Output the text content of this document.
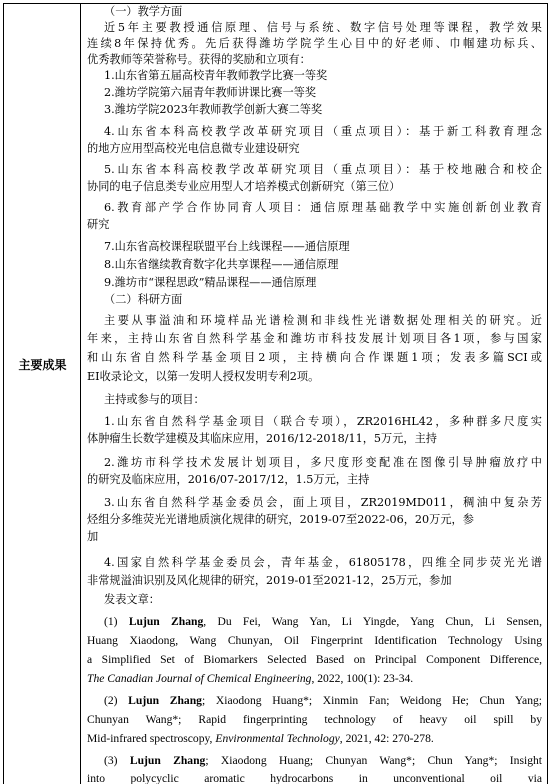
主要成果
（一）教学方面
近5年主要教授通信原理、信号与系统、数字信号处理等课程，教学效果
连续8年保持优秀。先后获得潍坊学院学生心目中的好老师、巾帼建功标兵、
优秀教师等荣誉称号。获得的奖励和立项有：
1.山东省第五届高校青年教师教学比赛一等奖
2.潍坊学院第六届青年教师讲课比赛一等奖
3.潍坊学院2023年教师教学创新大赛二等奖
4.山东省本科高校教学改革研究项目（重点项目）：基于新工科教育理念
的地方应用型高校光电信息微专业建设研究
5.山东省本科高校教学改革研究项目（重点项目）：基于校地融合和校企
协同的电子信息类专业应用型人才培养模式创新研究（第三位）
6.教育部产学合作协同育人项目：通信原理基础教学中实施创新创业教育
研究
7.山东省高校课程联盟平台上线课程——通信原理
8.山东省继续教育数字化共享课程——通信原理
9.潍坊市“课程思政”精品课程——通信原理
（二）科研方面
主要从事溢油和环境样品光谱检测和非线性光谱数据处理相关的研究。近
年来，主持山东省自然科学基金和潍坊市科技发展计划项目各1项，参与国家
和山东省自然科学基金项目2项，主持横向合作课题1项；发表多篇SCI或
EI收录论文，以第一发明人授权发明专利2项。
主持或参与的项目：
1.山东省自然科学基金项目（联合专项），ZR2016HL42，多种群多尺度实
体肿瘤生长数学建模及其临床应用，2016/12-2018/11，5万元，主持
2.潍坊市科学技术发展计划项目，多尺度形变配准在图像引导肿瘤放疗中
的研究及临床应用，2016/07-2017/12，1.5万元，主持
3.山东省自然科学基金委员会，面上项目，ZR2019MD011，稠油中复杂芳
烃组分多维荧光光谱地质演化规律的研究，2019-07至2022-06，20万元，参
加
4.国家自然科学基金委员会，青年基金，61805178，四维全同步荧光光谱
非常规溢油识别及风化规律的研究，2019-01至2021-12，25万元，参加
发表文章：
(1) Lujun Zhang, Du Fei, Wang Yan, Li Yingde, Yang Chun, Li Sensen,
Huang Xiaodong, Wang Chunyan, Oil Fingerprint Identification Technology Using
a Simplified Set of Biomarkers Selected Based on Principal Component Difference,
The Canadian Journal of Chemical Engineering, 2022, 100(1): 23-34.
(2) Lujun Zhang; Xiaodong Huang*; Xinmin Fan; Weidong He; Chun Yang;
Chunyan Wang*; Rapid fingerprinting technology of heavy oil spill by
Mid-infrared spectroscopy, Environmental Technology, 2021, 42: 270-278.
(3) Lujun Zhang; Xiaodong Huang; Chunyan Wang*; Chun Yang*; Insight
into polycyclic aromatic hydrocarbons in unconventional oil via
